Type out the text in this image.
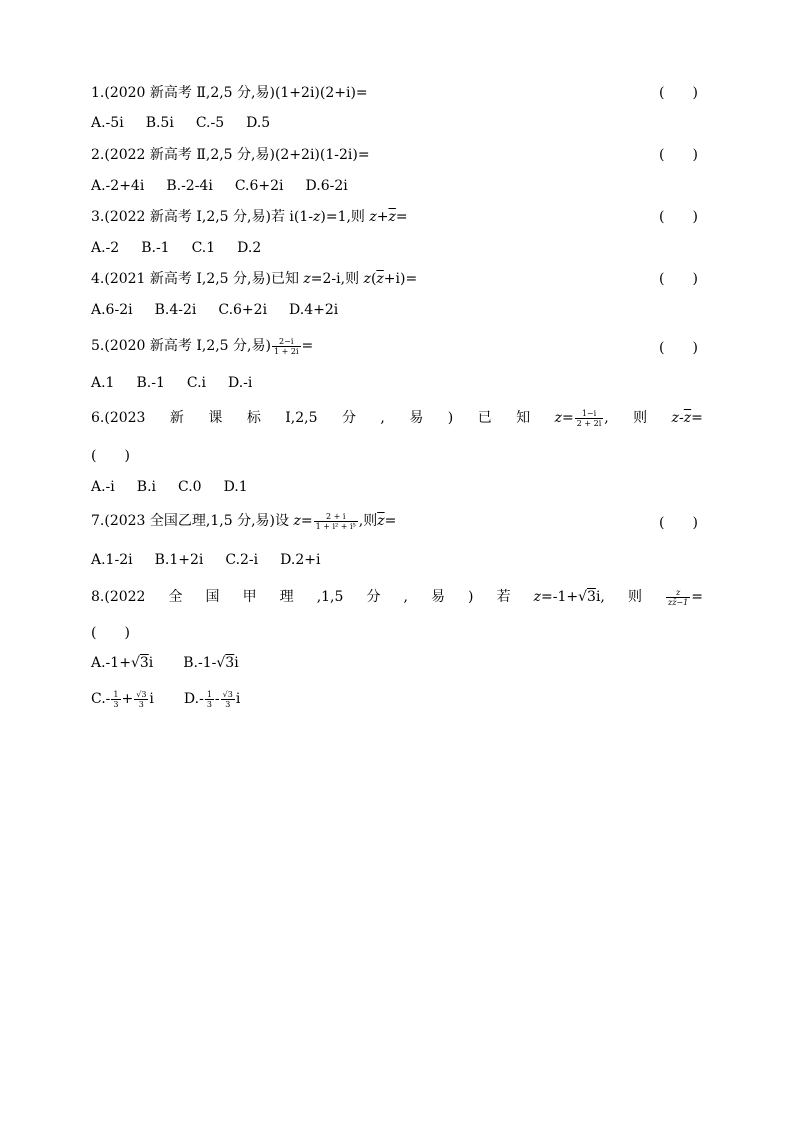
1.(2020 新高考 Ⅱ,2,5 分,易)(1+2i)(2+i)=	(　　)
A.-5i B.5i C.-5 D.5
2.(2022 新高考 Ⅱ,2,5 分,易)(2+2i)(1-2i)=	(　　)
A.-2+4i B.-2-4i C.6+2i D.6-2i
3.(2022 新高考 Ⅰ,2,5 分,易)若 i(1-z)=1,则 $z+\overline{z}=$	(　　)
A.-2 B.-1 C.1 D.2
4.(2021 新高考 Ⅰ,2,5 分,易)已知 z=2-i,则 $z(\overline{z}+i)=$	(　　)
A.6-2i B.4-2i C.6+2i D.4+2i
5.(2020 新高考 Ⅰ,2,5 分,易) $\frac{2-i}{1 + 2i}$ =	(　　)
A.1 B.-1 C.i D.-i
6.(2023 新 课 标 Ⅰ,2,5 分 , 易 ) 已 知 $z= \frac{1-i}{2 + 2i}$ , 则 $z-\overline{z}=$
(　　)
A.-i B.i C.0 D.1
7.(2023 全国乙理,1,5 分,易)设 $z= \frac{2 + i}{\text{1 + i² + i⁵}}$ ,则$\overline{z}=$	(　　)
A.1-2i B.1+2i C.2-i D.2+i
8.(2022 全 国 甲 理 ,1,5 分 , 易 ) 若 z=-1+√3i, 则	$\frac{z}{zz̄-1}$ =
(　　)
A.-1+√3i B.-1-√3i
$C.- \frac{1}{3} + \frac{√3}{3}$ i $D.- \frac{1}{3} - \frac{√3}{3}$ i
